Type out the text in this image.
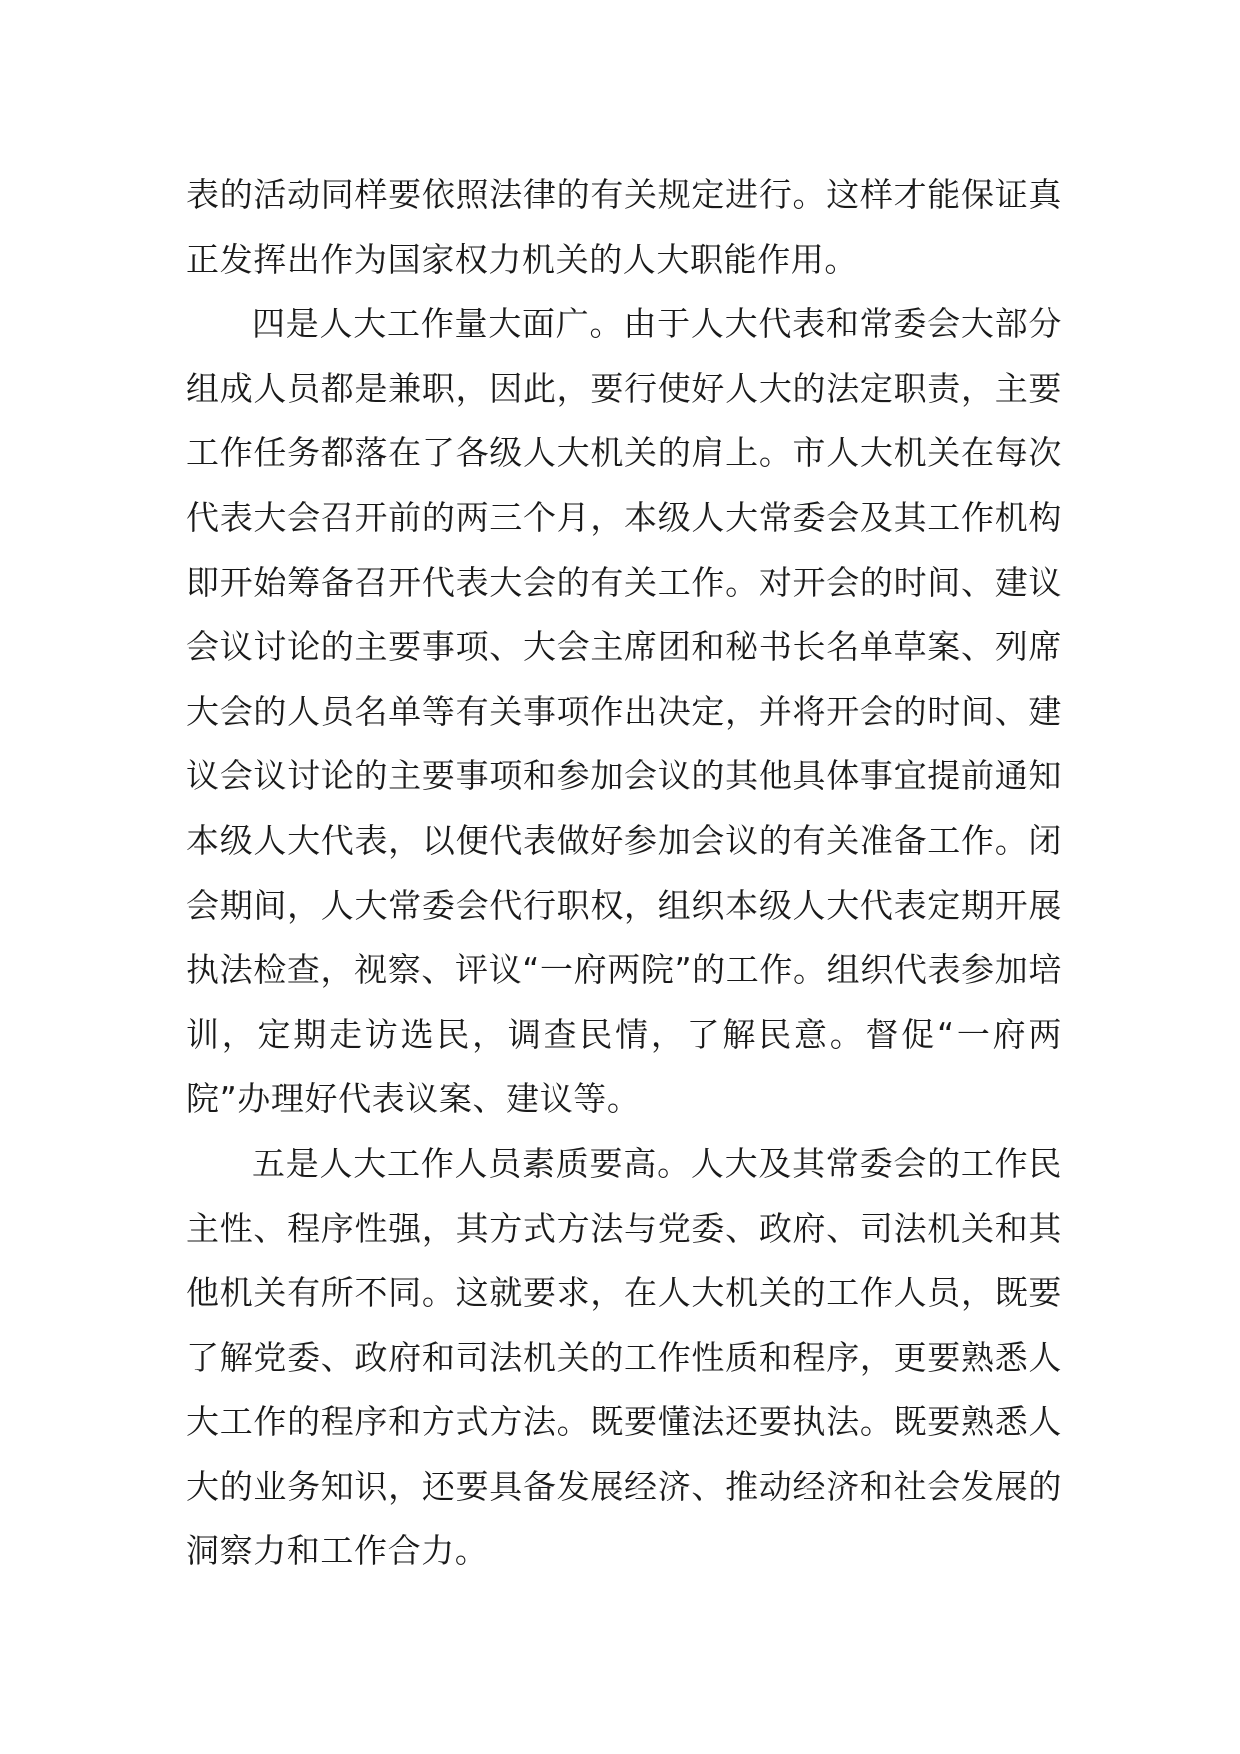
表的活动同样要依照法律的有关规定进行。这样才能保证真正发挥出作为国家权力机关的人大职能作用。

四是人大工作量大面广。由于人大代表和常委会大部分组成人员都是兼职，因此，要行使好人大的法定职责，主要工作任务都落在了各级人大机关的肩上。市人大机关在每次代表大会召开前的两三个月，本级人大常委会及其工作机构即开始筹备召开代表大会的有关工作。对开会的时间、建议会议讨论的主要事项、大会主席团和秘书长名单草案、列席大会的人员名单等有关事项作出决定，并将开会的时间、建议会议讨论的主要事项和参加会议的其他具体事宜提前通知本级人大代表，以便代表做好参加会议的有关准备工作。闭会期间，人大常委会代行职权，组织本级人大代表定期开展执法检查，视察、评议“一府两院”的工作。组织代表参加培训，定期走访选民，调查民情，了解民意。督促“一府两院”办理好代表议案、建议等。

五是人大工作人员素质要高。人大及其常委会的工作民主性、程序性强，其方式方法与党委、政府、司法机关和其他机关有所不同。这就要求，在人大机关的工作人员，既要了解党委、政府和司法机关的工作性质和程序，更要熟悉人大工作的程序和方式方法。既要懂法还要执法。既要熟悉人大的业务知识，还要具备发展经济、推动经济和社会发展的洞察力和工作合力。
